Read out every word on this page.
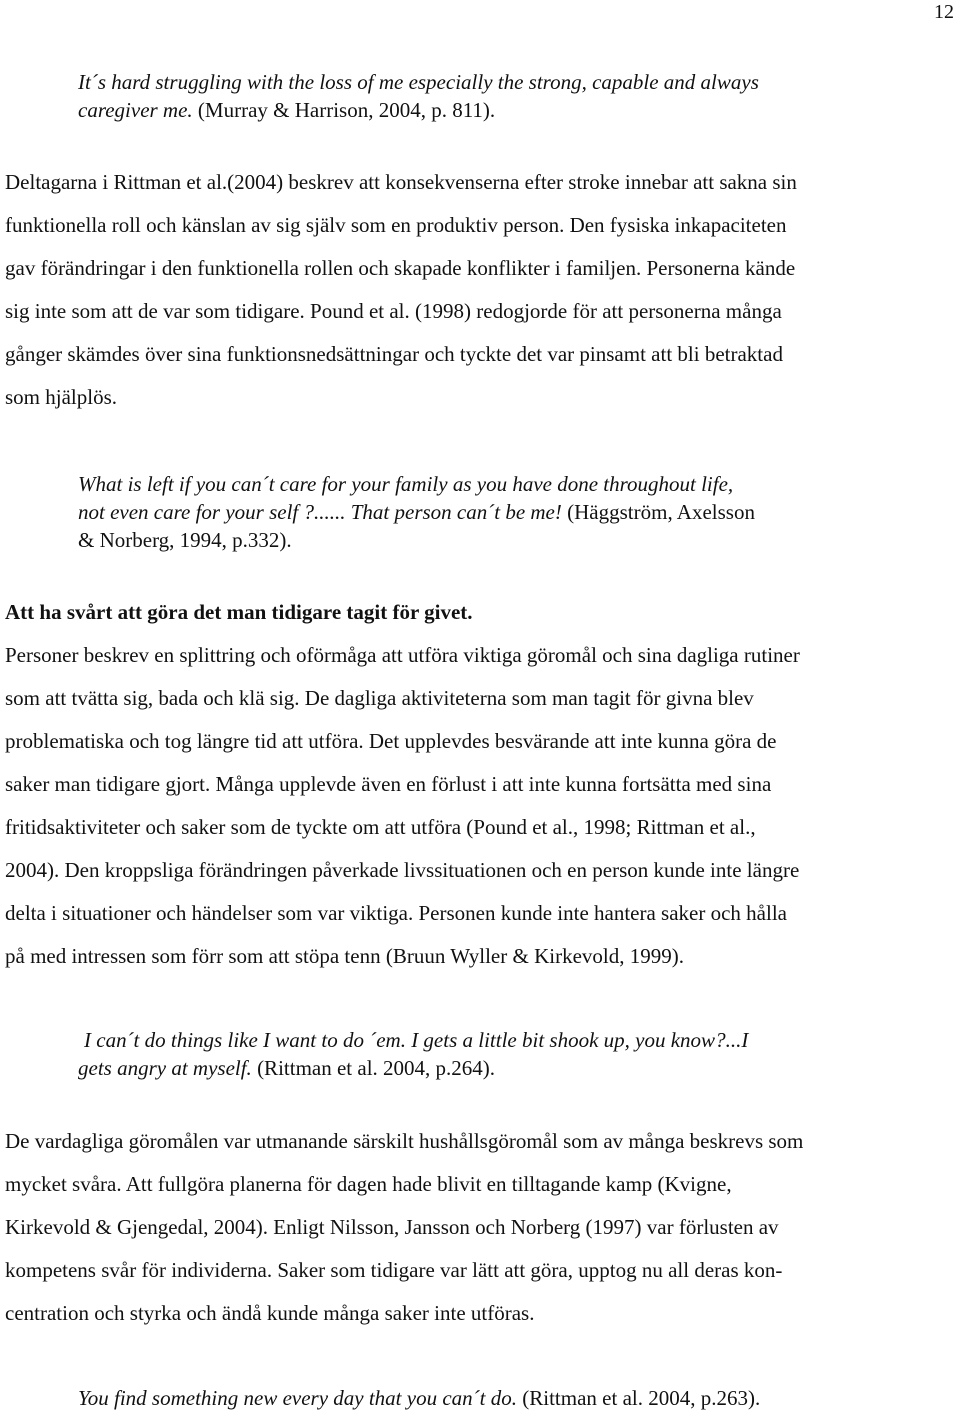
12
It´s hard struggling with the loss of me especially the strong, capable and always
caregiver me. (Murray & Harrison, 2004, p. 811).
Deltagarna i Rittman et al.(2004) beskrev att konsekvenserna efter stroke innebar att sakna sin
funktionella roll och känslan av sig själv som en produktiv person. Den fysiska inkapaciteten
gav förändringar i den funktionella rollen och skapade konflikter i familjen. Personerna kände
sig inte som att de var som tidigare. Pound et al. (1998) redogjorde för att personerna många
gånger skämdes över sina funktionsnedsättningar och tyckte det var pinsamt att bli betraktad
som hjälplös.
What is left if you can´t care for your family as you have done throughout life,
not even care for your self ?...... That person can´t be me! (Häggström, Axelsson
& Norberg, 1994, p.332).
Att ha svårt att göra det man tidigare tagit för givet.
Personer beskrev en splittring och oförmåga att utföra viktiga göromål och sina dagliga rutiner
som att tvätta sig, bada och klä sig. De dagliga aktiviteterna som man tagit för givna blev
problematiska och tog längre tid att utföra. Det upplevdes besvärande att inte kunna göra de
saker man tidigare gjort. Många upplevde även en förlust i att inte kunna fortsätta med sina
fritidsaktiviteter och saker som de tyckte om att utföra (Pound et al., 1998; Rittman et al.,
2004). Den kroppsliga förändringen påverkade livssituationen och en person kunde inte längre
delta i situationer och händelser som var viktiga. Personen kunde inte hantera saker och hålla
på med intressen som förr som att stöpa tenn (Bruun Wyller & Kirkevold, 1999).
I can´t do things like I want to do ´em. I gets a little bit shook up, you know?...I
gets angry at myself. (Rittman et al. 2004, p.264).
De vardagliga göromålen var utmanande särskilt hushållsgöromål som av många beskrevs som
mycket svåra. Att fullgöra planerna för dagen hade blivit en tilltagande kamp (Kvigne,
Kirkevold & Gjengedal, 2004). Enligt Nilsson, Jansson och Norberg (1997) var förlusten av
kompetens svår för individerna. Saker som tidigare var lätt att göra, upptog nu all deras kon-
centration och styrka och ändå kunde många saker inte utföras.
You find something new every day that you can´t do. (Rittman et al. 2004, p.263).
